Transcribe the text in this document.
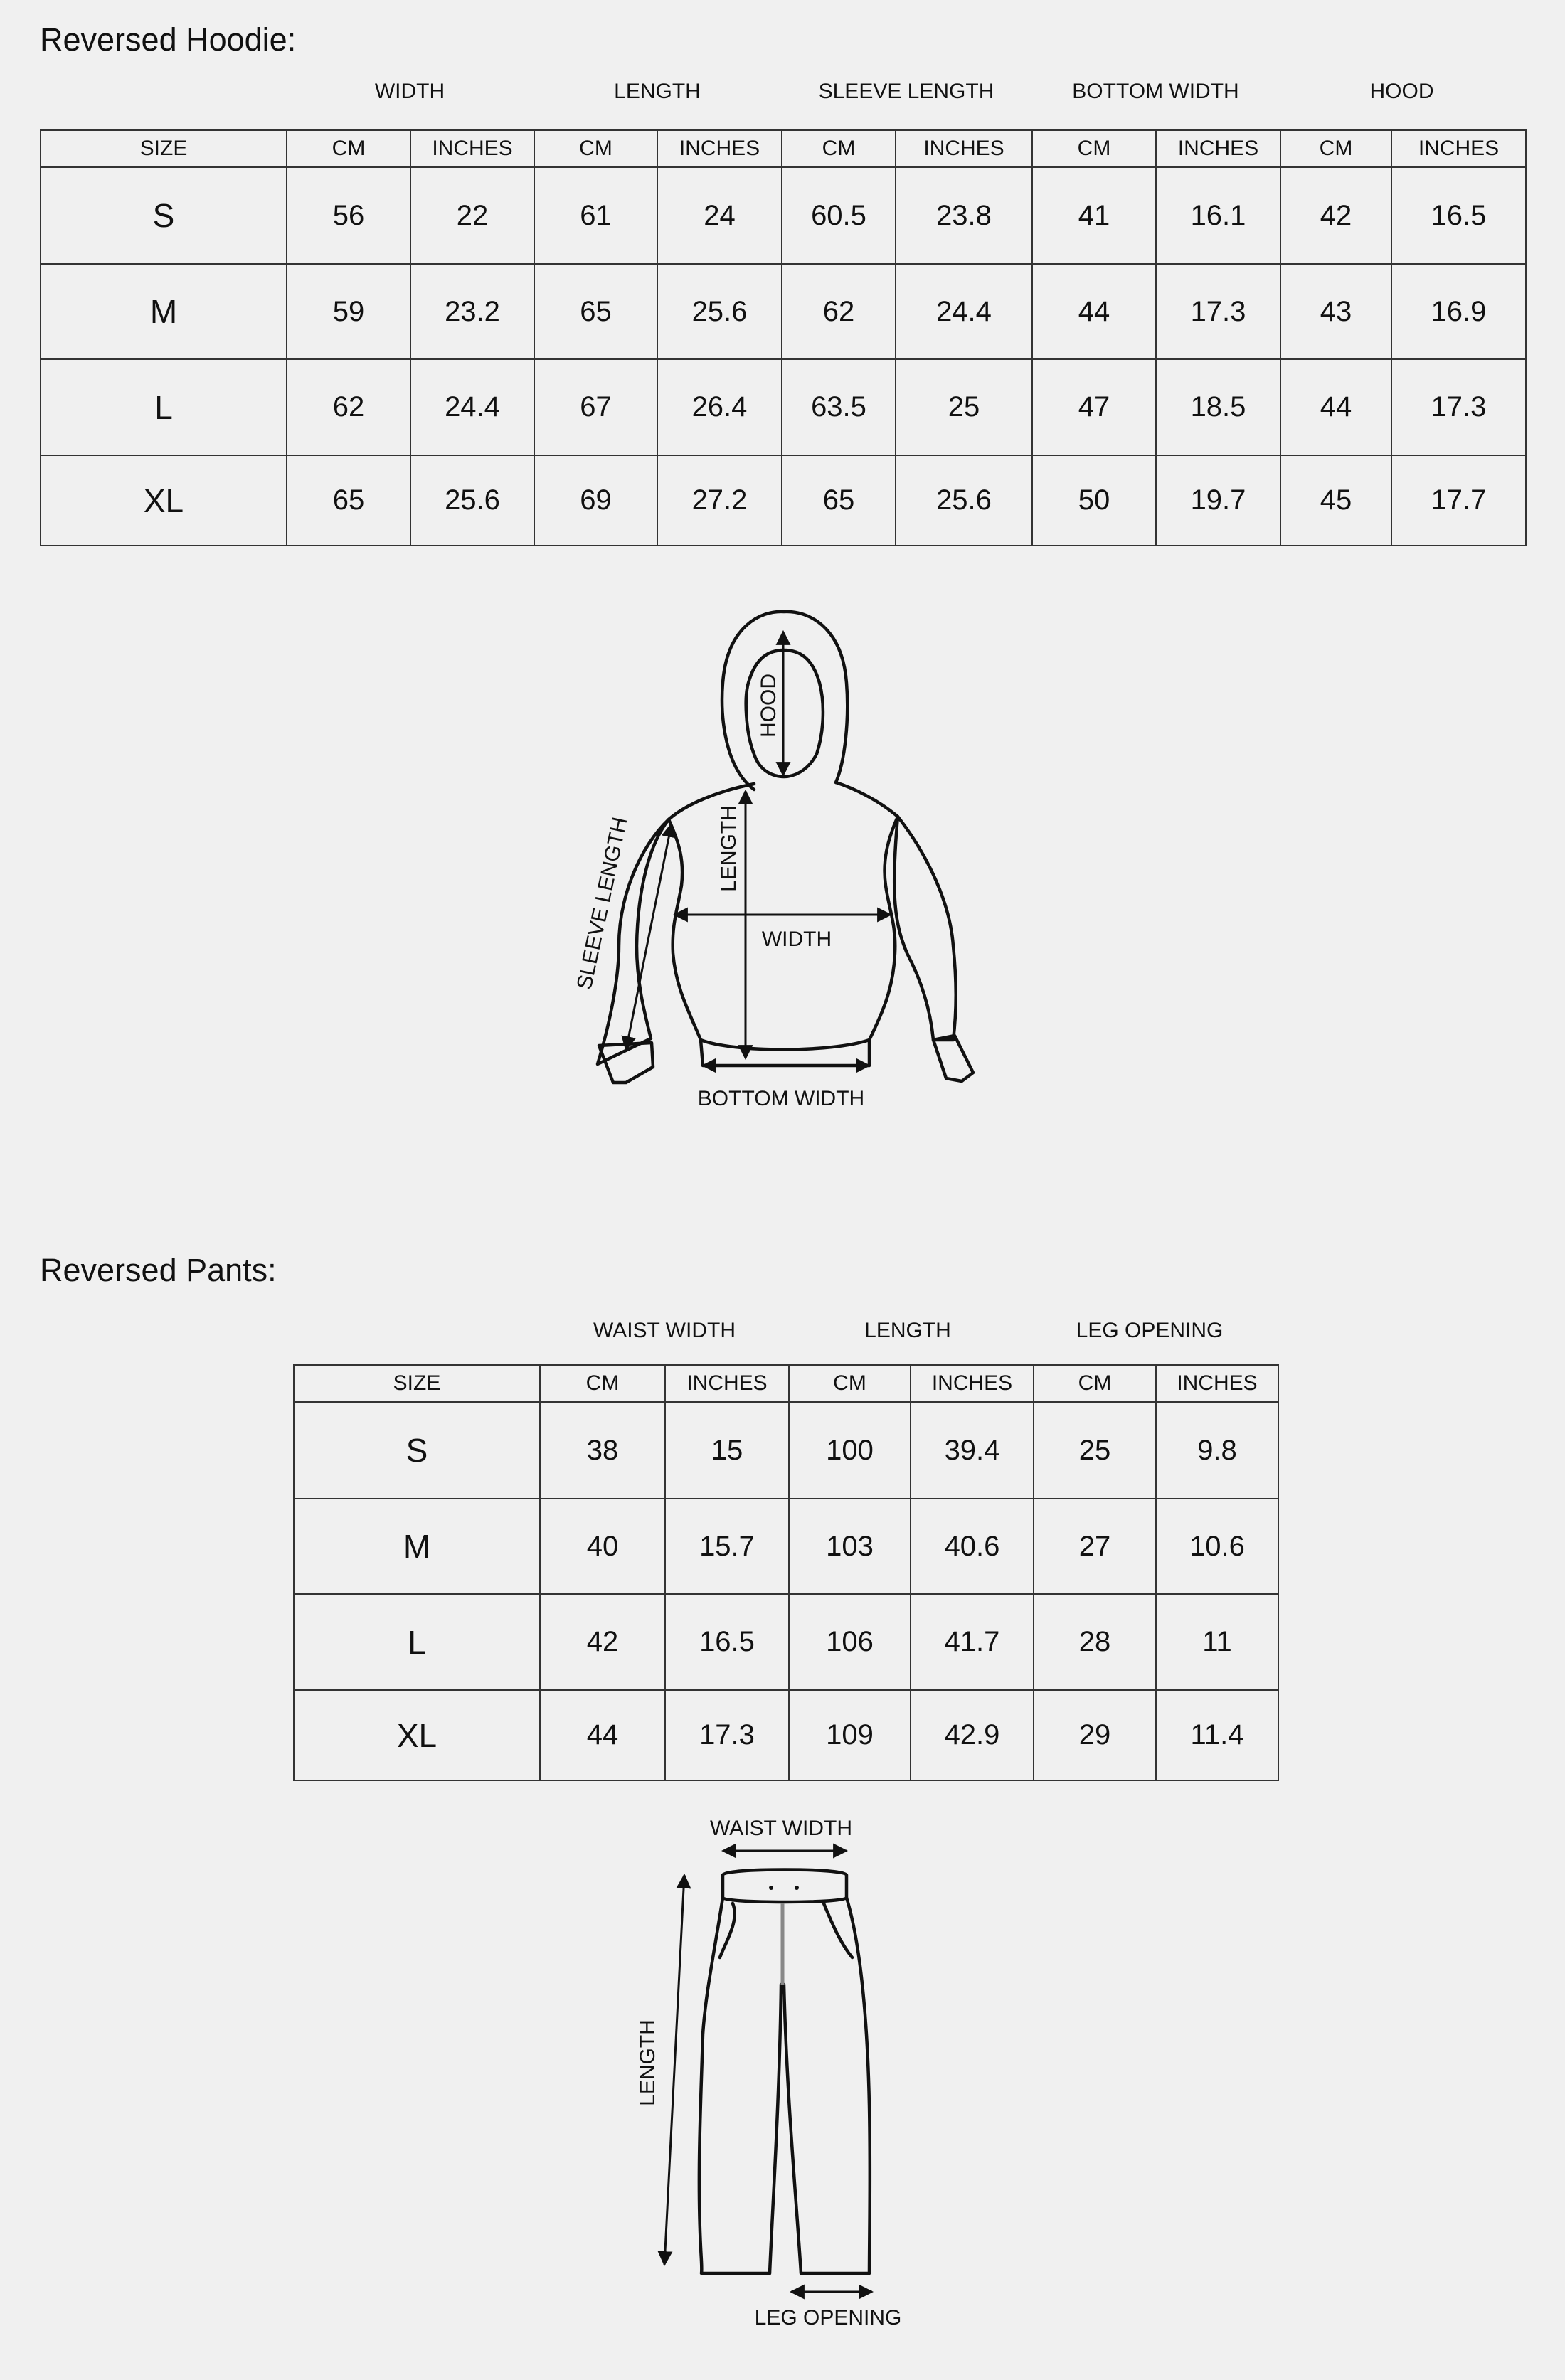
Reversed Hoodie:
WIDTH	LENGTH	SLEEVE LENGTH	BOTTOM WIDTH	HOOD
SIZE	CM	INCHES	CM	INCHES	CM	INCHES	CM	INCHES	CM	INCHES
S	56	22	61	24	60.5	23.8	41	16.1	42	16.5
M	59	23.2	65	25.6	62	24.4	44	17.3	43	16.9
L	62	24.4	67	26.4	63.5	25	47	18.5	44	17.3
XL	65	25.6	69	27.2	65	25.6	50	19.7	45	17.7
HOOD
LENGTH
WIDTH
SLEEVE LENGTH
BOTTOM WIDTH
Reversed Pants:
WAIST WIDTH	LENGTH	LEG OPENING
SIZE	CM	INCHES	CM	INCHES	CM	INCHES
S	38	15	100	39.4	25	9.8
M	40	15.7	103	40.6	27	10.6
L	42	16.5	106	41.7	28	11
XL	44	17.3	109	42.9	29	11.4
WAIST WIDTH
LENGTH
LEG OPENING
